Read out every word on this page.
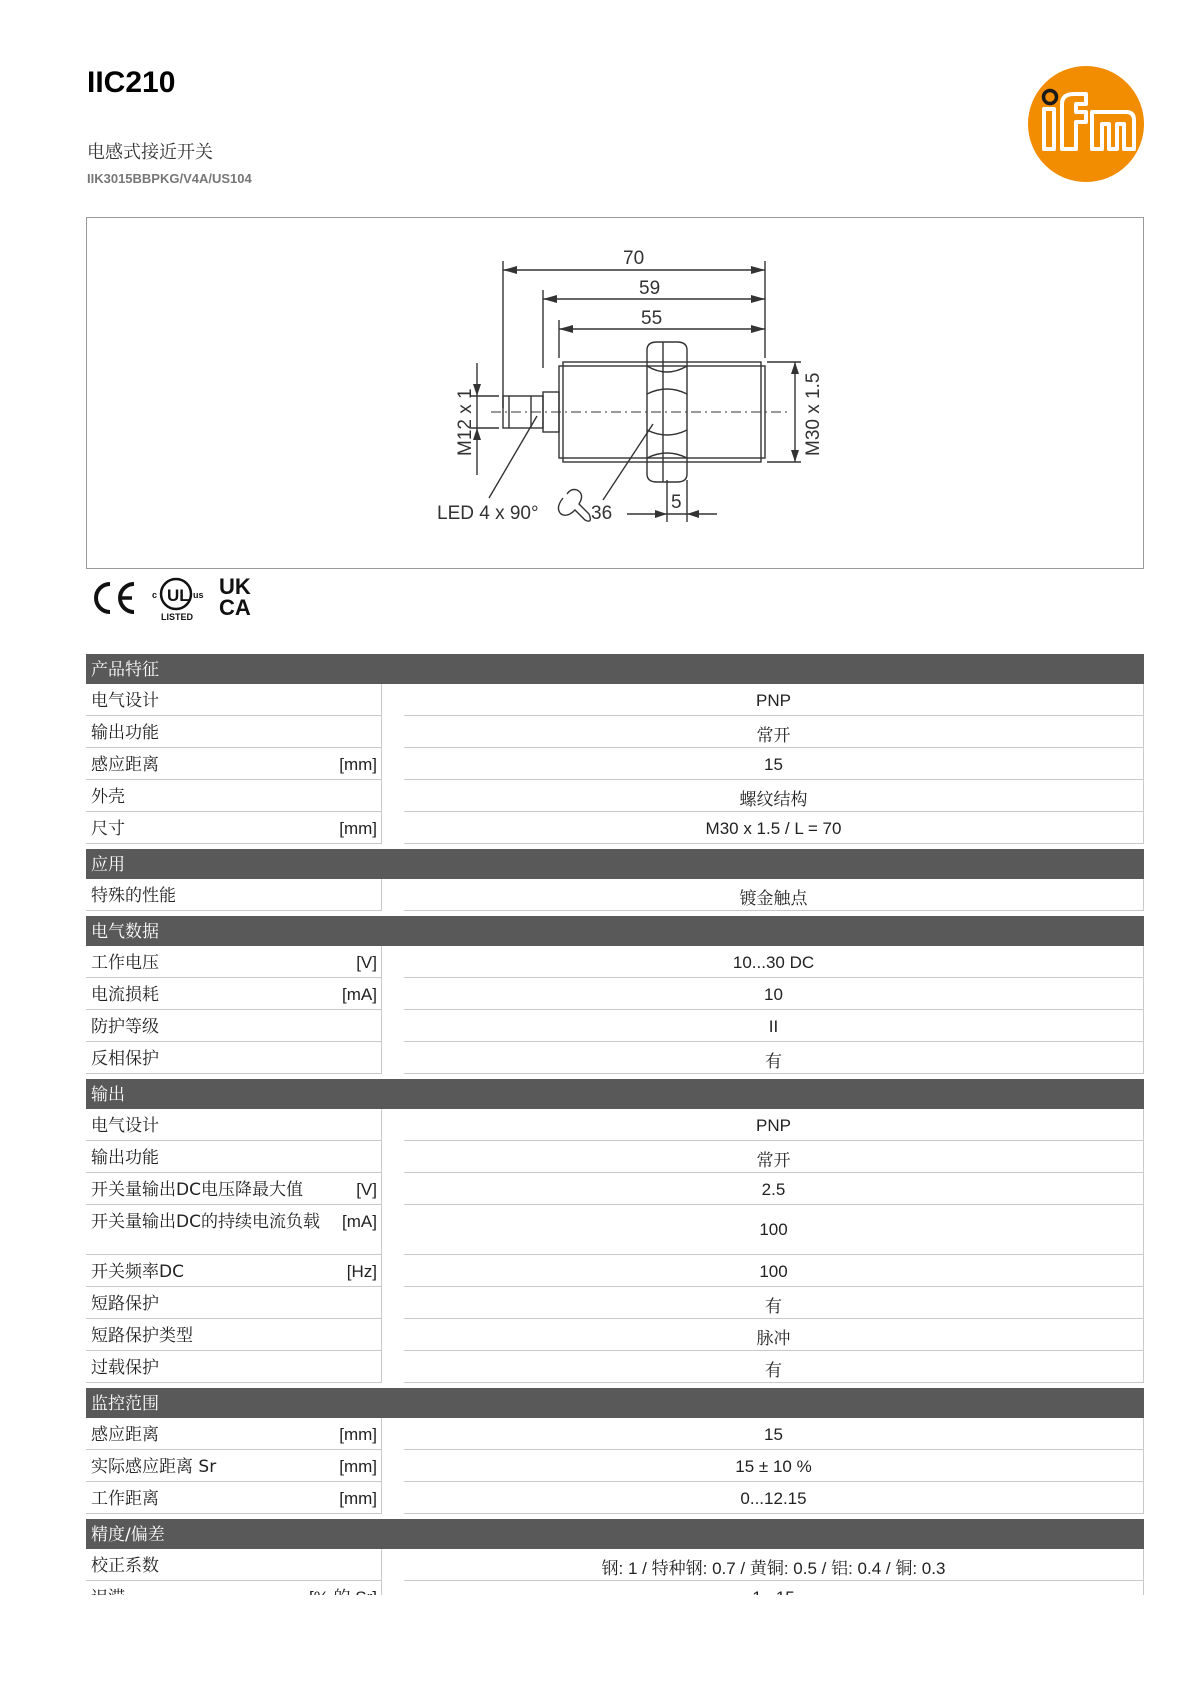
IIC210
电感式接近开关
IIK3015BBPKG/V4A/US104
70
59
55
LED 4 x 90°	36
5
M12 x 1	M30 x 1.5
UL
c	us
LISTED
UK
CA
产品特征
电气设计	PNP
输出功能	常开
感应距离	[mm]	15
外壳	螺纹结构
尺寸	[mm]	M30 x 1.5 / L = 70
应用
特殊的性能	镀金触点
电气数据
工作电压	[V]	10...30 DC
电流损耗	[mA]	10
防护等级	II
反相保护	有
输出
电气设计	PNP
输出功能	常开
开关量输出DC电压降最大值	[V]	2.5
开关量输出DC的持续电流负载	[mA]	100
开关频率DC	[Hz]	100
短路保护	有
短路保护类型	脉冲
过载保护	有
监控范围
感应距离	[mm]	15
实际感应距离 Sr	[mm]	15 ± 10 %
工作距离	[mm]	0...12.15
精度/偏差
校正系数	钢: 1 / 特种钢: 0.7 / 黄铜: 0.5 / 铝: 0.4 / 铜: 0.3
